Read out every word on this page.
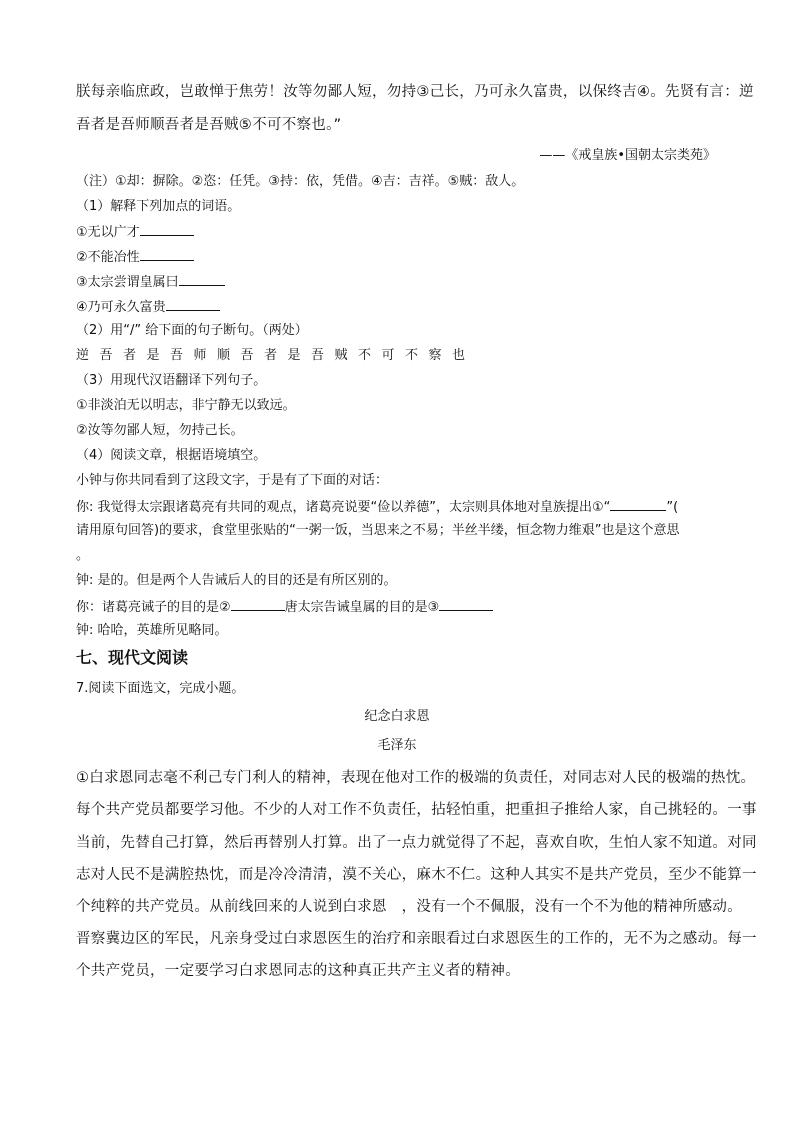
朕每亲临庶政，岂敢惮于焦劳！汝等勿鄙人短，勿持③己长，乃可永久富贵，以保终吉④。先贤有言：逆
吾者是吾师顺吾者是吾贼⑤不可不察也。”
——《戒皇族•国朝太宗类苑》
（注）①却：摒除。②恣：任凭。③持：依，凭借。④吉：吉祥。⑤贼：敌人。
（1）解释下列加点的词语。
①无以广才
②不能冶性
③太宗尝谓皇属曰
④乃可永久富贵
（2）用“/” 给下面的句子断句。（两处）
逆吾者是吾师顺吾者是吾贼不可不察也
（3）用现代汉语翻译下列句子。
①非淡泊无以明志，非宁静无以致远。
②汝等勿鄙人短，勿持己长。
（4）阅读文章，根据语境填空。
小钟与你共同看到了这段文字，于是有了下面的对话：
你: 我觉得太宗跟诸葛亮有共同的观点，诸葛亮说要“俭以养德”，太宗则具体地对皇族提出①“	”(
请用原句回答)的要求，食堂里张贴的“一粥一饭，当思来之不易；半丝半缕，恒念物力维艰”也是这个意思
。
钟: 是的。但是两个人告诫后人的目的还是有所区别的。
你：诸葛亮诫子的目的是②	唐太宗告诫皇属的目的是③
钟: 哈哈，英雄所见略同。
七、现代文阅读
7.阅读下面选文，完成小题。
纪念白求恩
毛泽东
①白求恩同志毫不利己专门利人的精神，表现在他对工作的极端的负责任，对同志对人民的极端的热忱。
每个共产党员都要学习他。不少的人对工作不负责任，拈轻怕重，把重担子推给人家，自己挑轻的。一事
当前，先替自己打算，然后再替别人打算。出了一点力就觉得了不起，喜欢自吹，生怕人家不知道。对同
志对人民不是满腔热忱，而是冷冷清清，漠不关心，麻木不仁。这种人其实不是共产党员，至少不能算一
个纯粹的共产党员。从前线回来的人说到白求恩　，没有一个不佩服，没有一个不为他的精神所感动。
晋察冀边区的军民，凡亲身受过白求恩医生的治疗和亲眼看过白求恩医生的工作的，无不为之感动。每一
个共产党员，一定要学习白求恩同志的这种真正共产主义者的精神。
